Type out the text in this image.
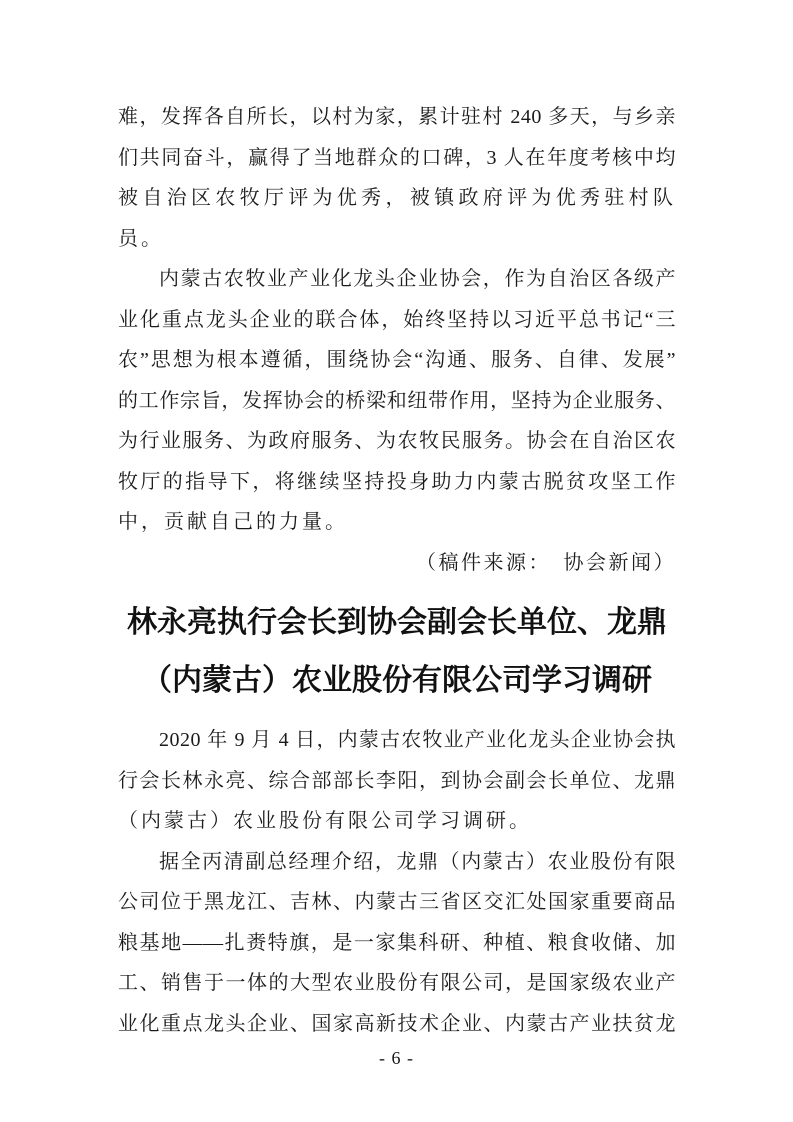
难，发挥各自所长，以村为家，累计驻村 240 多天，与乡亲
们共同奋斗，赢得了当地群众的口碑，3 人在年度考核中均
被自治区农牧厅评为优秀，被镇政府评为优秀驻村队员。
内蒙古农牧业产业化龙头企业协会，作为自治区各级产
业化重点龙头企业的联合体，始终坚持以习近平总书记“三
农”思想为根本遵循，围绕协会“沟通、服务、自律、发展”
的工作宗旨，发挥协会的桥梁和纽带作用，坚持为企业服务、
为行业服务、为政府服务、为农牧民服务。协会在自治区农
牧厅的指导下，将继续坚持投身助力内蒙古脱贫攻坚工作
中，贡献自己的力量。
（稿件来源：　协会新闻）
林永亮执行会长到协会副会长单位、龙鼎
（内蒙古）农业股份有限公司学习调研
2020 年 9 月 4 日，内蒙古农牧业产业化龙头企业协会执
行会长林永亮、综合部部长李阳，到协会副会长单位、龙鼎
（内蒙古）农业股份有限公司学习调研。
据全丙清副总经理介绍，龙鼎（内蒙古）农业股份有限
公司位于黑龙江、吉林、内蒙古三省区交汇处国家重要商品
粮基地——扎赉特旗，是一家集科研、种植、粮食收储、加
工、销售于一体的大型农业股份有限公司，是国家级农业产
业化重点龙头企业、国家高新技术企业、内蒙古产业扶贫龙
- 6 -
